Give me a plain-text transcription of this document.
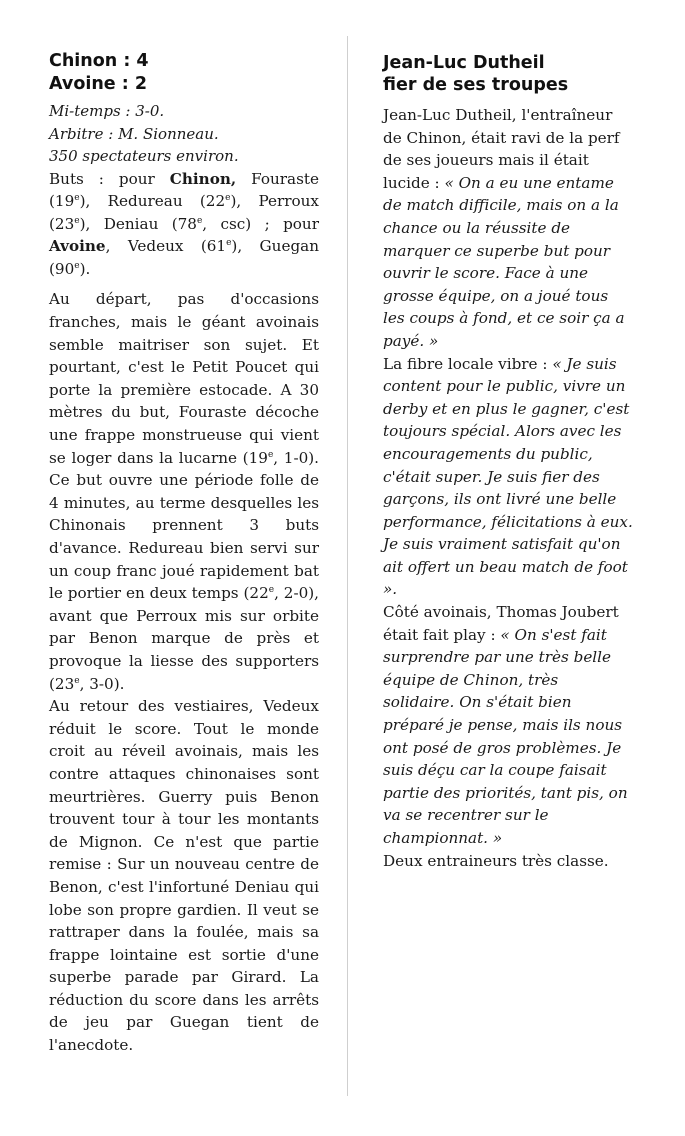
Chinon : 4
Avoine : 2
Mi-temps : 3-0.
Arbitre : M. Sionneau.
350 spectateurs environ.

Buts : pour Chinon, Fouraste (19e), Redureau (22e), Perroux (23e), Deniau (78e, csc) ; pour Avoine, Vedeux (61e), Guegan (90e).

Au départ, pas d'occasions franches, mais le géant avoinais semble maitriser son sujet. Et pourtant, c'est le Petit Poucet qui porte la première estocade. A 30 mètres du but, Fouraste décoche une frappe monstrueuse qui vient se loger dans la lucarne (19e, 1-0). Ce but ouvre une période folle de 4 minutes, au terme desquelles les Chinonais prennent 3 buts d'avance. Redureau bien servi sur un coup franc joué rapidement bat le portier en deux temps (22e, 2-0), avant que Perroux mis sur orbite par Benon marque de près et provoque la liesse des supporters (23e, 3-0).

Au retour des vestiaires, Vedeux réduit le score. Tout le monde croit au réveil avoinais, mais les contre attaques chinonaises sont meurtrières. Guerry puis Benon trouvent tour à tour les montants de Mignon. Ce n'est que partie remise : Sur un nouveau centre de Benon, c'est l'infortuné Deniau qui lobe son propre gardien. Il veut se rattraper dans la foulée, mais sa frappe lointaine est sortie d'une superbe parade par Girard. La réduction du score dans les arrêts de jeu par Guegan tient de l'anecdote.

Jean-Luc Dutheil
fier de ses troupes

Jean-Luc Dutheil, l'entraîneur de Chinon, était ravi de la perf de ses joueurs mais il était lucide : « On a eu une entame de match difficile, mais on a la chance ou la réussite de marquer ce superbe but pour ouvrir le score. Face à une grosse équipe, on a joué tous les coups à fond, et ce soir ça a payé. »

La fibre locale vibre : « Je suis content pour le public, vivre un derby et en plus le gagner, c'est toujours spécial. Alors avec les encouragements du public, c'était super. Je suis fier des garçons, ils ont livré une belle performance, félicitations à eux. Je suis vraiment satisfait qu'on ait offert un beau match de foot ».

Côté avoinais, Thomas Joubert était fait play : « On s'est fait surprendre par une très belle équipe de Chinon, très solidaire. On s'était bien préparé je pense, mais ils nous ont posé de gros problèmes. Je suis déçu car la coupe faisait partie des priorités, tant pis, on va se recentrer sur le championnat. »

Deux entraineurs très classe.
